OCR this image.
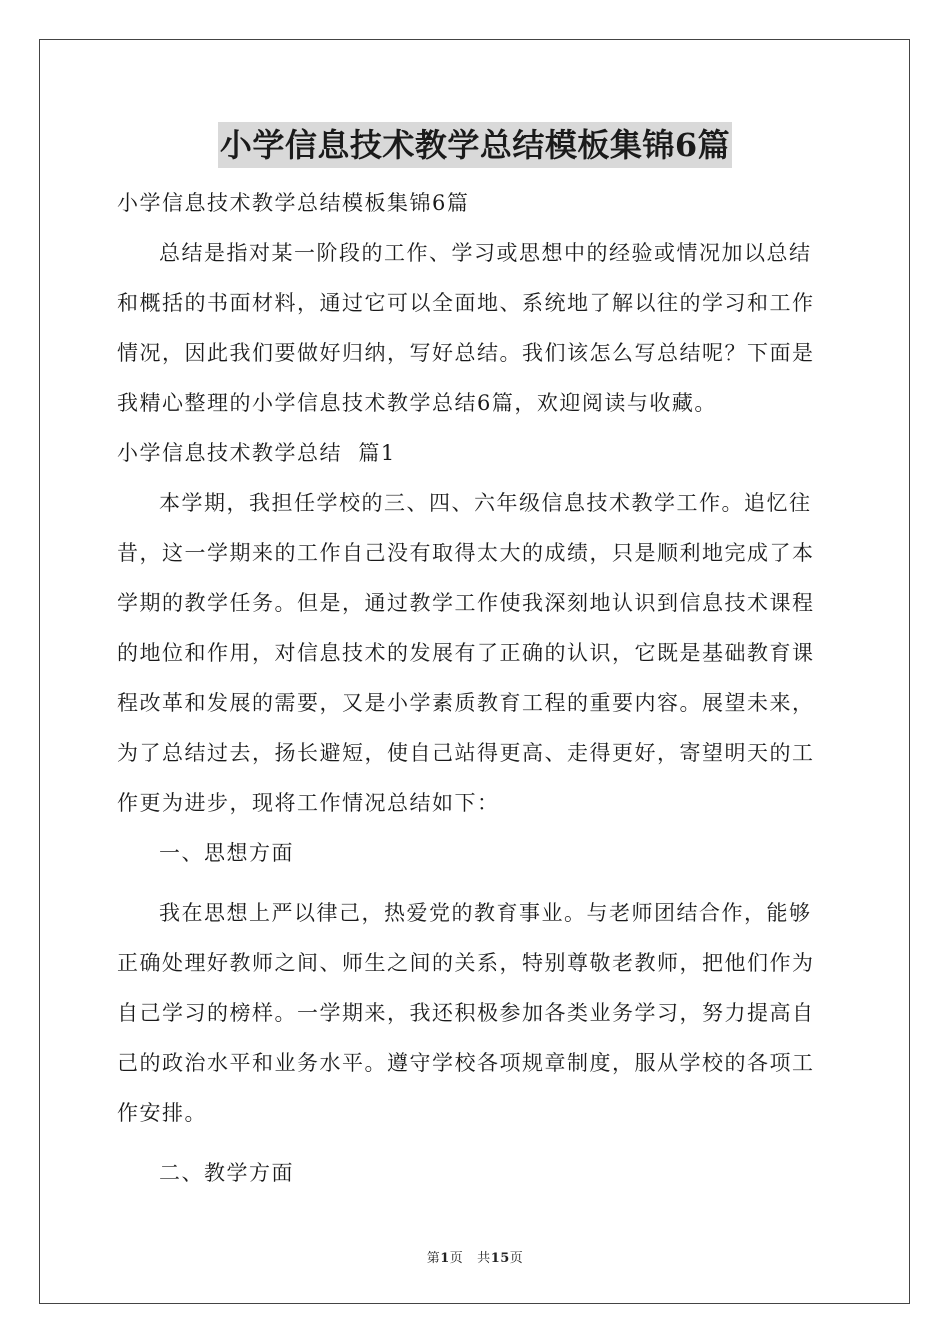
小学信息技术教学总结模板集锦6篇

小学信息技术教学总结模板集锦6篇

总结是指对某一阶段的工作、学习或思想中的经验或情况加以总结和概括的书面材料，通过它可以全面地、系统地了解以往的学习和工作情况，因此我们要做好归纳，写好总结。我们该怎么写总结呢？下面是我精心整理的小学信息技术教学总结6篇，欢迎阅读与收藏。

小学信息技术教学总结  篇1

本学期，我担任学校的三、四、六年级信息技术教学工作。追忆往昔，这一学期来的工作自己没有取得太大的成绩，只是顺利地完成了本学期的教学任务。但是，通过教学工作使我深刻地认识到信息技术课程的地位和作用，对信息技术的发展有了正确的认识，它既是基础教育课程改革和发展的需要，又是小学素质教育工程的重要内容。展望未来，为了总结过去，扬长避短，使自己站得更高、走得更好，寄望明天的工作更为进步，现将工作情况总结如下：

一、思想方面

我在思想上严以律己，热爱党的教育事业。与老师团结合作，能够正确处理好教师之间、师生之间的关系，特别尊敬老教师，把他们作为自己学习的榜样。一学期来，我还积极参加各类业务学习，努力提高自己的政治水平和业务水平。遵守学校各项规章制度，服从学校的各项工作安排。

二、教学方面

第1页 共15页
